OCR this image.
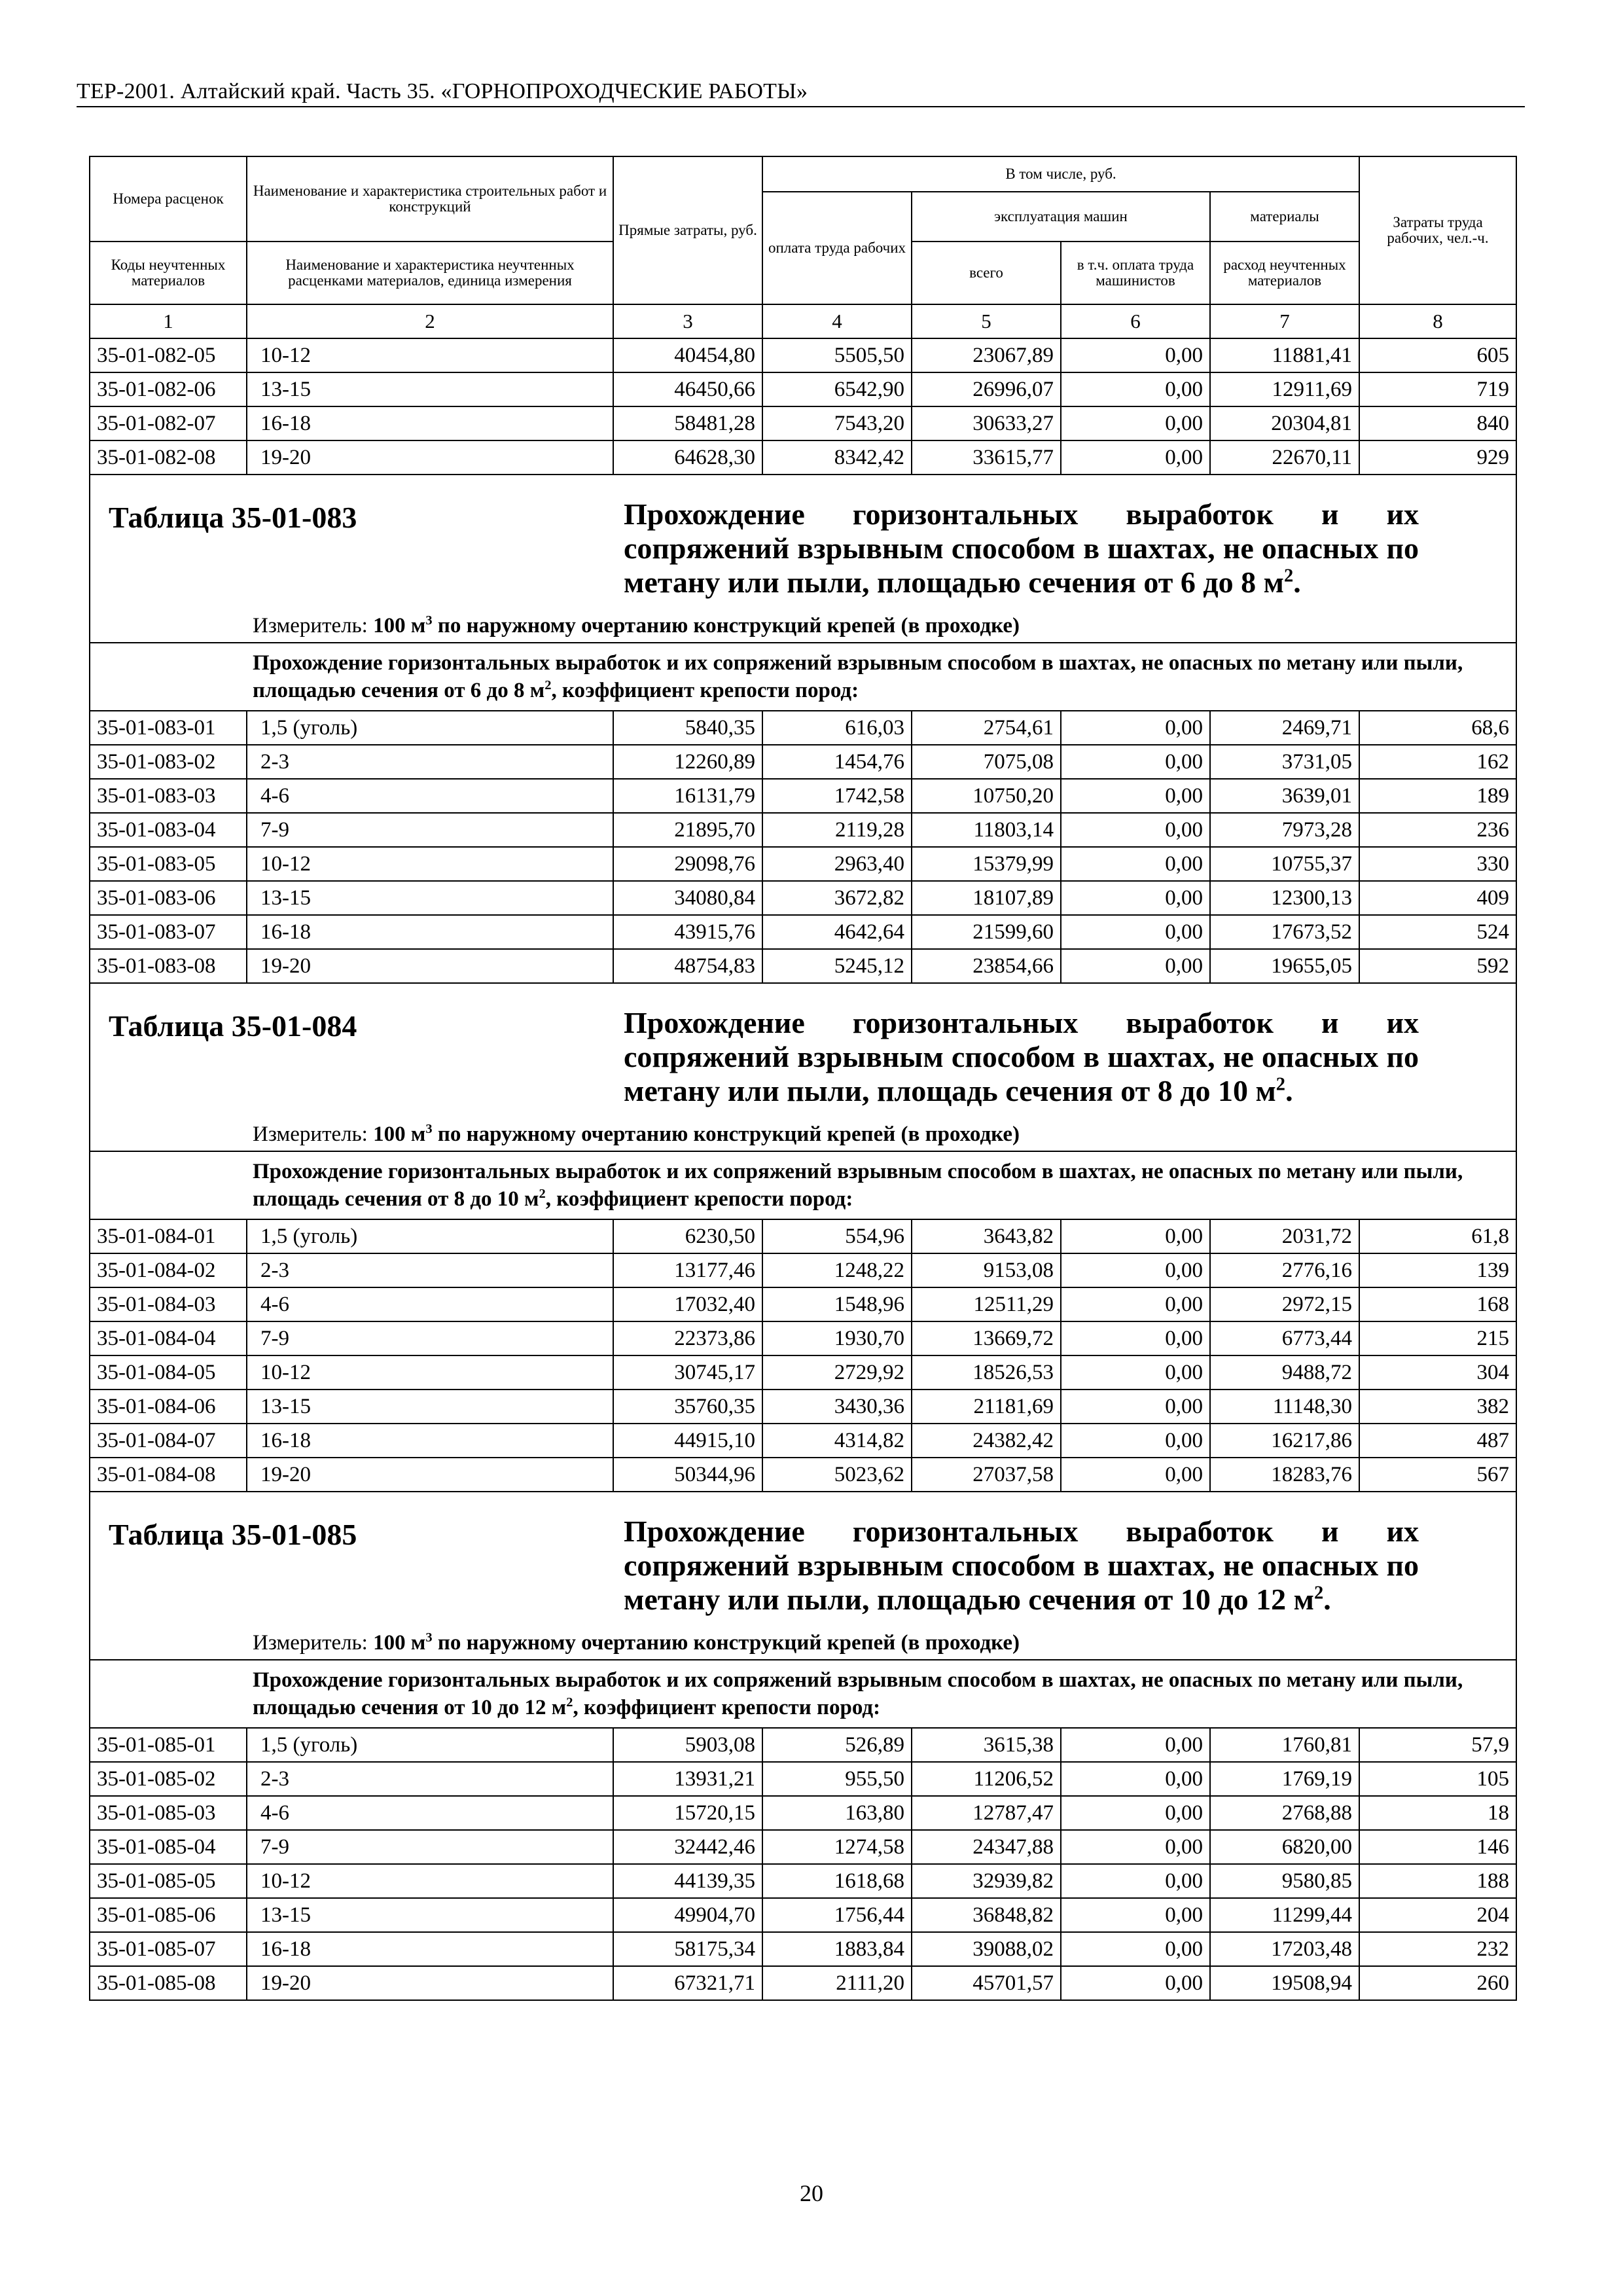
ТЕР-2001. Алтайский край. Часть 35. «ГОРНОПРОХОДЧЕСКИЕ РАБОТЫ»
Номера расценок	Наименование и характеристика строительных работ и конструкций	Прямые затраты, руб.	В том числе, руб.				Затраты труда рабочих, чел.-ч.
			оплата труда рабочих	эксплуатация машин		материалы	
Коды неучтенных материалов	Наименование и характеристика неучтенных расценками материалов, единица измерения			всего	в т.ч. оплата труда машинистов	расход неучтенных материалов	
1	2	3	4	5	6	7	8
35-01-082-05	10-12	40454,80	5505,50	23067,89	0,00	11881,41	605
35-01-082-06	13-15	46450,66	6542,90	26996,07	0,00	12911,69	719
35-01-082-07	16-18	58481,28	7543,20	30633,27	0,00	20304,81	840
35-01-082-08	19-20	64628,30	8342,42	33615,77	0,00	22670,11	929

Таблица 35-01-083 Прохождение горизонтальных выработок и их сопряжений взрывным способом в шахтах, не опасных по метану или пыли, площадью сечения от 6 до 8 $м^2$.
Измеритель: 100 $м^3$ по наружному очертанию конструкций крепей (в проходке)							

Прохождение горизонтальных выработок и их сопряжений взрывным способом в шахтах, не опасных по метану или пыли, площадью сечения от 6 до 8 $м^2$, коэффициент крепости пород:							
35-01-083-01	1,5 (уголь)	5840,35	616,03	2754,61	0,00	2469,71	68,6
35-01-083-02	2-3	12260,89	1454,76	7075,08	0,00	3731,05	162
35-01-083-03	4-6	16131,79	1742,58	10750,20	0,00	3639,01	189
35-01-083-04	7-9	21895,70	2119,28	11803,14	0,00	7973,28	236
35-01-083-05	10-12	29098,76	2963,40	15379,99	0,00	10755,37	330
35-01-083-06	13-15	34080,84	3672,82	18107,89	0,00	12300,13	409
35-01-083-07	16-18	43915,76	4642,64	21599,60	0,00	17673,52	524
35-01-083-08	19-20	48754,83	5245,12	23854,66	0,00	19655,05	592

Таблица 35-01-084 Прохождение горизонтальных выработок и их сопряжений взрывным способом в шахтах, не опасных по метану или пыли, площадь сечения от 8 до 10 $м^2$.
Измеритель: 100 $м^3$ по наружному очертанию конструкций крепей (в проходке)							

Прохождение горизонтальных выработок и их сопряжений взрывным способом в шахтах, не опасных по метану или пыли, площадь сечения от 8 до 10 $м^2$, коэффициент крепости пород:							
35-01-084-01	1,5 (уголь)	6230,50	554,96	3643,82	0,00	2031,72	61,8
35-01-084-02	2-3	13177,46	1248,22	9153,08	0,00	2776,16	139
35-01-084-03	4-6	17032,40	1548,96	12511,29	0,00	2972,15	168
35-01-084-04	7-9	22373,86	1930,70	13669,72	0,00	6773,44	215
35-01-084-05	10-12	30745,17	2729,92	18526,53	0,00	9488,72	304
35-01-084-06	13-15	35760,35	3430,36	21181,69	0,00	11148,30	382
35-01-084-07	16-18	44915,10	4314,82	24382,42	0,00	16217,86	487
35-01-084-08	19-20	50344,96	5023,62	27037,58	0,00	18283,76	567

Таблица 35-01-085 Прохождение горизонтальных выработок и их сопряжений взрывным способом в шахтах, не опасных по метану или пыли, площадью сечения от 10 до 12 $м^2$.
Измеритель: 100 $м^3$ по наружному очертанию конструкций крепей (в проходке)							

Прохождение горизонтальных выработок и их сопряжений взрывным способом в шахтах, не опасных по метану или пыли, площадью сечения от 10 до 12 $м^2$, коэффициент крепости пород:							
35-01-085-01	1,5 (уголь)	5903,08	526,89	3615,38	0,00	1760,81	57,9
35-01-085-02	2-3	13931,21	955,50	11206,52	0,00	1769,19	105
35-01-085-03	4-6	15720,15	163,80	12787,47	0,00	2768,88	18
35-01-085-04	7-9	32442,46	1274,58	24347,88	0,00	6820,00	146
35-01-085-05	10-12	44139,35	1618,68	32939,82	0,00	9580,85	188
35-01-085-06	13-15	49904,70	1756,44	36848,82	0,00	11299,44	204
35-01-085-07	16-18	58175,34	1883,84	39088,02	0,00	17203,48	232
35-01-085-08	19-20	67321,71	2111,20	45701,57	0,00	19508,94	260
20
